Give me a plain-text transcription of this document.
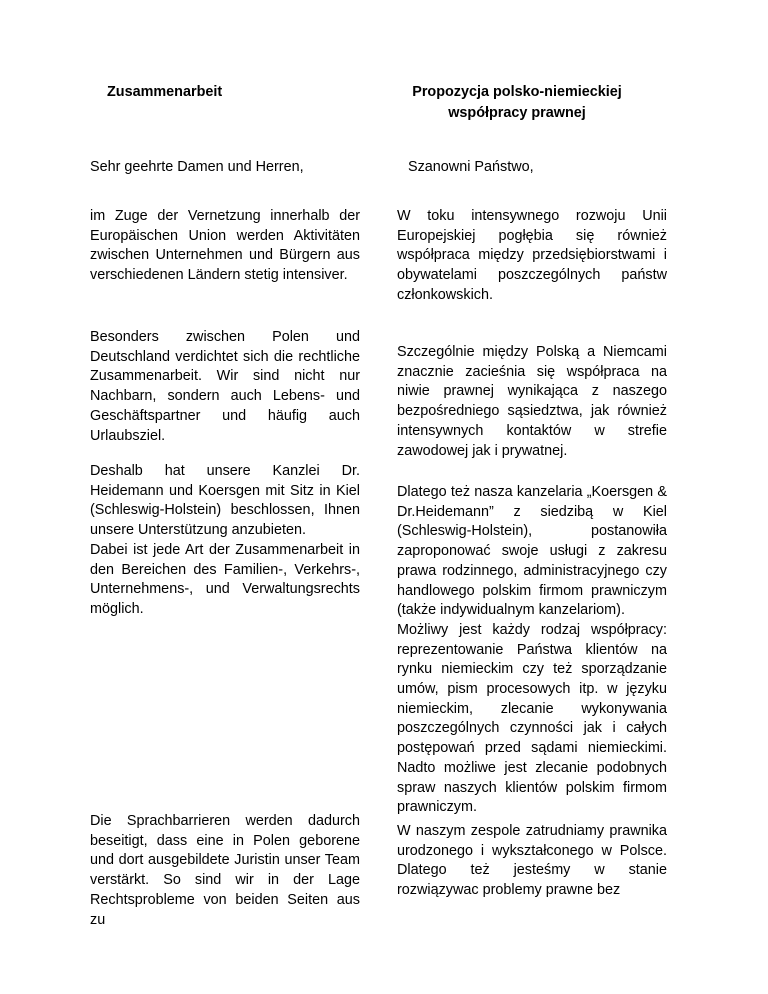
Zusammenarbeit
Sehr geehrte Damen und Herren,
im Zuge der Vernetzung innerhalb der Europäischen Union werden Aktivitäten zwischen Unternehmen und Bürgern aus verschiedenen Ländern stetig intensiver.
Besonders zwischen Polen und Deutschland verdichtet sich die rechtliche Zusammenarbeit. Wir sind nicht nur Nachbarn, sondern auch Lebens- und Geschäftspartner und häufig auch Urlaubsziel.
Deshalb hat unsere Kanzlei Dr. Heidemann und Koersgen mit Sitz in Kiel (Schleswig-Holstein) beschlossen, Ihnen unsere Unterstützung anzubieten.
Dabei ist jede Art der Zusammenarbeit in den Bereichen des Familien-, Verkehrs-, Unternehmens-, und Verwaltungsrechts möglich.
Die Sprachbarrieren werden dadurch beseitigt, dass eine in Polen geborene und dort ausgebildete Juristin unser Team verstärkt. So sind wir in der Lage Rechtsprobleme von beiden Seiten aus zu
Propozycja polsko-niemieckiej
współpracy prawnej
Szanowni Państwo,
W toku intensywnego rozwoju Unii Europejskiej pogłębia się również współpraca między przedsiębiorstwami i obywatelami poszczególnych państw członkowskich.
Szczególnie między Polską a Niemcami znacznie zacieśnia się współpraca na niwie prawnej wynikająca z naszego bezpośredniego sąsiedztwa, jak również intensywnych kontaktów w strefie zawodowej jak i prywatnej.
Dlatego też nasza kanzelaria „Koersgen & Dr.Heidemann” z siedzibą w Kiel (Schleswig-Holstein), postanowiła zaproponować swoje usługi z zakresu prawa rodzinnego, administracyjnego czy handlowego polskim firmom prawniczym (także indywidualnym kanzelariom).
Możliwy jest każdy rodzaj współpracy: reprezentowanie Państwa klientów na rynku niemieckim czy też sporządzanie umów, pism procesowych itp. w języku niemieckim, zlecanie wykonywania poszczególnych czynności jak i całych postępowań przed sądami niemieckimi. Nadto możliwe jest zlecanie podobnych spraw naszych klientów polskim firmom prawniczym.
W naszym zespole zatrudniamy prawnika urodzonego i wykształconego w Polsce. Dlatego też jesteśmy w stanie rozwiązywac problemy prawne bez
